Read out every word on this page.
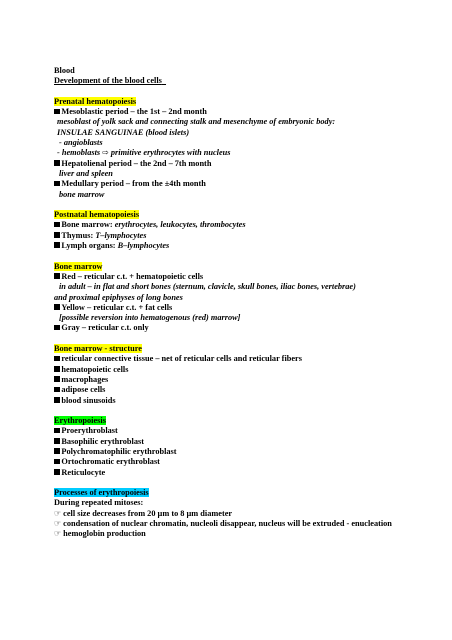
Blood
Development of the blood cells
Prenatal hematopoiesis
Mesoblastic period – the 1st – 2nd month
mesoblast of yolk sack and connecting stalk and mesenchyme of embryonic body:
INSULAE SANGUINAE (blood islets)
- angioblasts
- hemoblasts ⇨ primitive erythrocytes with nucleus
Hepatolienal period – the 2nd – 7th month
liver and spleen
Medullary period – from the ±4th month
bone marrow
Postnatal hematopoiesis
Bone marrow: erythrocytes, leukocytes, thrombocytes
Thymus: T–lymphocytes
Lymph organs: B–lymphocytes
Bone marrow
Red – reticular c.t. + hematopoietic cells
in adult – in flat and short bones (sternum, clavicle, skull bones, iliac bones, vertebrae)
and proximal epiphyses of long bones
Yellow – reticular c.t. + fat cells
[possible reversion into hematogenous (red) marrow]
Gray – reticular c.t. only
Bone marrow - structure
reticular connective tissue – net of reticular cells and reticular fibers
hematopoietic cells
macrophages
adipose cells
blood sinusoids
Erythropoiesis
Proerythroblast
Basophilic erythroblast
Polychromatophilic erythroblast
Ortochromatic erythroblast
Reticulocyte
Processes of erythropoiesis
During repeated mitoses:
☞ cell size decreases from 20 µm to 8 µm diameter
☞ condensation of nuclear chromatin, nucleoli disappear, nucleus will be extruded - enucleation
☞ hemoglobin production
